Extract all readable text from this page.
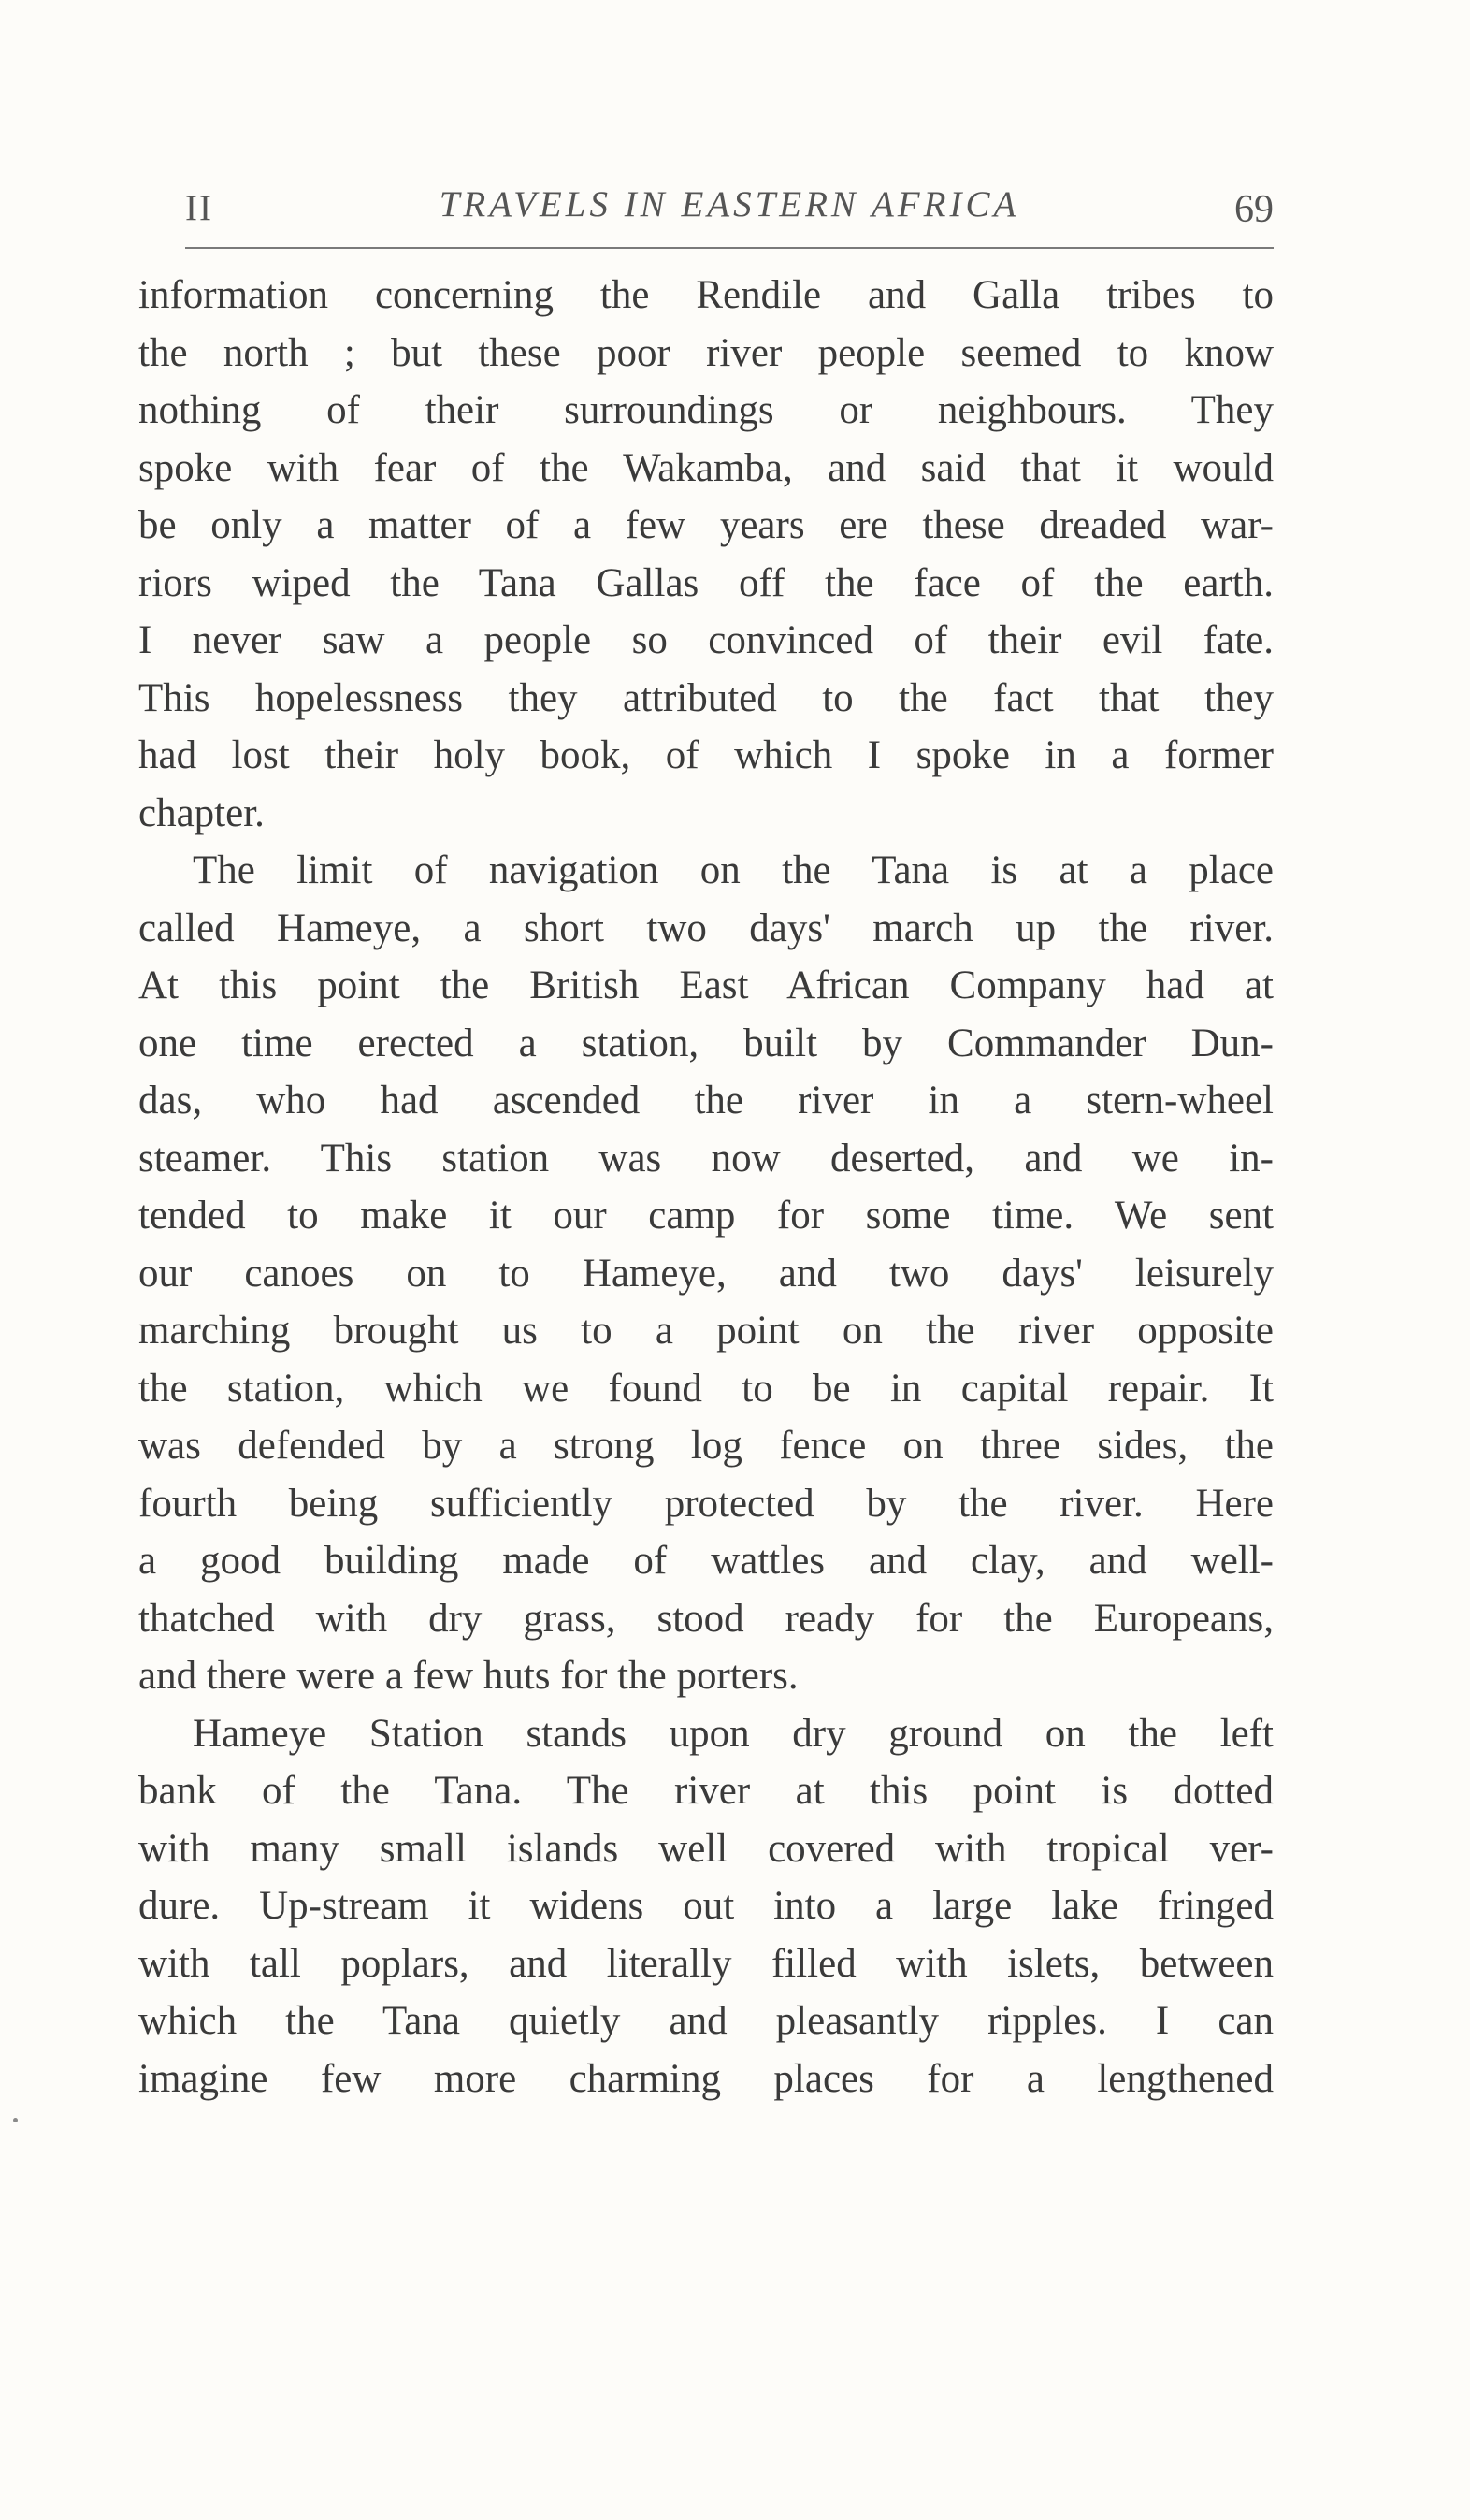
II	TRAVELS IN EASTERN AFRICA	69
information concerning the Rendile and Galla tribes to
the north ; but these poor river people seemed to know
nothing of their surroundings or neighbours. They
spoke with fear of the Wakamba, and said that it would
be only a matter of a few years ere these dreaded war-
riors wiped the Tana Gallas off the face of the earth.
I never saw a people so convinced of their evil fate.
This hopelessness they attributed to the fact that they
had lost their holy book, of which I spoke in a former
chapter.
The limit of navigation on the Tana is at a place
called Hameye, a short two days' march up the river.
At this point the British East African Company had at
one time erected a station, built by Commander Dun-
das, who had ascended the river in a stern-wheel
steamer. This station was now deserted, and we in-
tended to make it our camp for some time. We sent
our canoes on to Hameye, and two days' leisurely
marching brought us to a point on the river opposite
the station, which we found to be in capital repair. It
was defended by a strong log fence on three sides, the
fourth being sufficiently protected by the river. Here
a good building made of wattles and clay, and well-
thatched with dry grass, stood ready for the Europeans,
and there were a few huts for the porters.
Hameye Station stands upon dry ground on the left
bank of the Tana. The river at this point is dotted
with many small islands well covered with tropical ver-
dure. Up-stream it widens out into a large lake fringed
with tall poplars, and literally filled with islets, between
which the Tana quietly and pleasantly ripples. I can
imagine few more charming places for a lengthened
